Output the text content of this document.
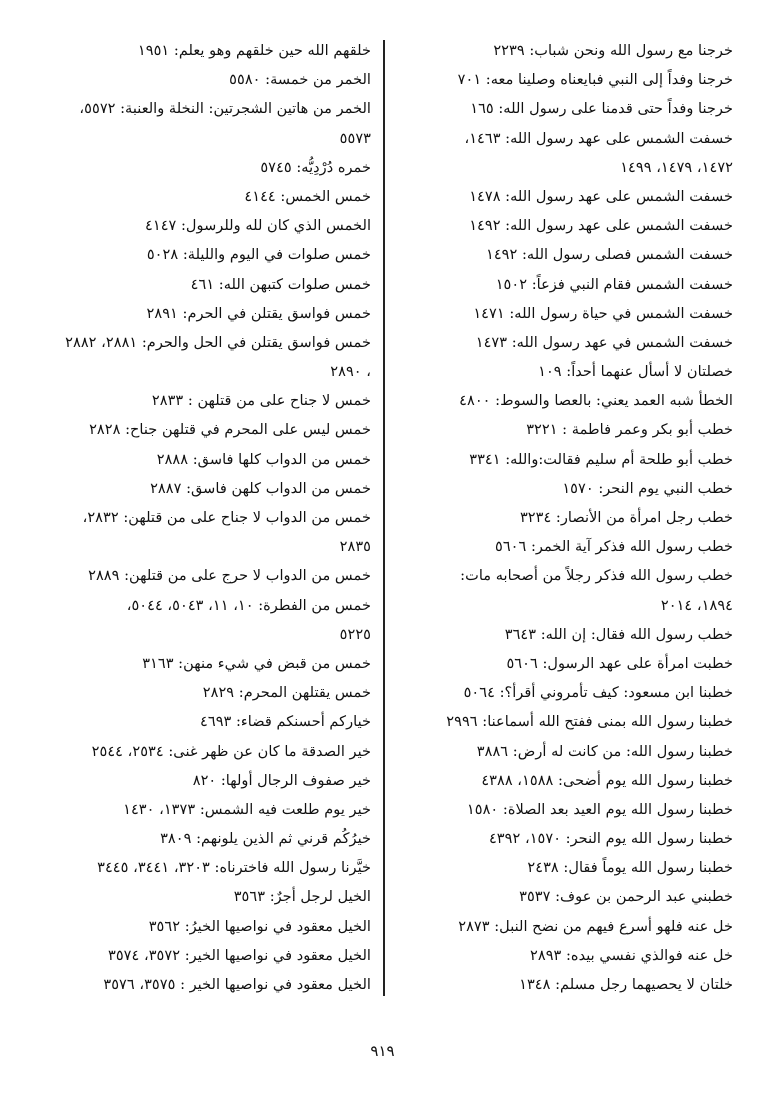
خرجنا مع رسول الله ونحن شباب: ٢٢٣٩
خرجنا وفداً إلى النبي فبايعناه وصلينا معه: ٧٠١
خرجنا وفداً حتى قدمنا على رسول الله: ١٦٥
خسفت الشمس على عهد رسول الله: ١٤٦٣،
١٤٧٢، ١٤٧٩، ١٤٩٩
خسفت الشمس على عهد رسول الله: ١٤٧٨
خسفت الشمس على عهد رسول الله: ١٤٩٢
خسفت الشمس فصلى رسول الله: ١٤٩٢
خسفت الشمس فقام النبي فزعاً: ١٥٠٢
خسفت الشمس في حياة رسول الله: ١٤٧١
خسفت الشمس في عهد رسول الله: ١٤٧٣
خصلتان لا أسأل عنهما أحداً: ١٠٩
الخطأ شبه العمد يعني: بالعصا والسوط: ٤٨٠٠
خطب أبو بكر وعمر فاطمة : ٣٢٢١
خطب أبو طلحة أم سليم فقالت:والله: ٣٣٤١
خطب النبي يوم النحر: ١٥٧٠
خطب رجل امرأة من الأنصار: ٣٢٣٤
خطب رسول الله فذكر آية الخمر: ٥٦٠٦
خطب رسول الله فذكر رجلاً من أصحابه مات:
١٨٩٤، ٢٠١٤
خطب رسول الله فقال: إن الله: ٣٦٤٣
خطبت امرأة على عهد الرسول: ٥٦٠٦
خطبنا ابن مسعود: كيف تأمروني أقرأ؟: ٥٠٦٤
خطبنا رسول الله بمنى ففتح الله أسماعنا: ٢٩٩٦
خطبنا رسول الله: من كانت له أرض: ٣٨٨٦
خطبنا رسول الله يوم أضحى: ١٥٨٨، ٤٣٨٨
خطبنا رسول الله يوم العيد بعد الصلاة: ١٥٨٠
خطبنا رسول الله يوم النحر: ١٥٧٠، ٤٣٩٢
خطبنا رسول الله يوماً فقال: ٢٤٣٨
خطبني عبد الرحمن بن عوف: ٣٥٣٧
خل عنه فلهو أسرع فيهم من نضح النبل: ٢٨٧٣
خل عنه فوالذي نفسي بيده: ٢٨٩٣
خلتان لا يحصيهما رجل مسلم: ١٣٤٨
خلقهم الله حين خلقهم وهو يعلم: ١٩٥١
الخمر من خمسة: ٥٥٨٠
الخمر من هاتين الشجرتين: النخلة والعنبة: ٥٥٧٢،
٥٥٧٣
خمره دُرْدِيُّه: ٥٧٤٥
خمس الخمس: ٤١٤٤
الخمس الذي كان لله وللرسول: ٤١٤٧
خمس صلوات في اليوم والليلة: ٥٠٢٨
خمس صلوات كتبهن الله: ٤٦١
خمس فواسق يقتلن في الحرم: ٢٨٩١
خمس فواسق يقتلن في الحل والحرم: ٢٨٨١، ٢٨٨٢
، ٢٨٩٠
خمس لا جناح على من قتلهن : ٢٨٣٣
خمس ليس على المحرم في قتلهن جناح: ٢٨٢٨
خمس من الدواب كلها فاسق: ٢٨٨٨
خمس من الدواب كلهن فاسق: ٢٨٨٧
خمس من الدواب لا جناح على من قتلهن: ٢٨٣٢،
٢٨٣٥
خمس من الدواب لا حرج على من قتلهن: ٢٨٨٩
خمس من الفطرة: ١٠، ١١، ٥٠٤٣، ٥٠٤٤،
٥٢٢٥
خمس من قبض في شيء منهن: ٣١٦٣
خمس يقتلهن المحرم: ٢٨٢٩
خياركم أحسنكم قضاء: ٤٦٩٣
خير الصدقة ما كان عن ظهر غنى: ٢٥٣٤، ٢٥٤٤
خير صفوف الرجال أولها: ٨٢٠
خير يوم طلعت فيه الشمس: ١٣٧٣، ١٤٣٠
خيرُكُم قرني ثم الذين يلونهم: ٣٨٠٩
خيَّرنا رسول الله فاخترناه: ٣٢٠٣، ٣٤٤١، ٣٤٤٥
الخيل لرجل أجرٌ: ٣٥٦٣
الخيل معقود في نواصيها الخيرُ: ٣٥٦٢
الخيل معقود في نواصيها الخير: ٣٥٧٢، ٣٥٧٤
الخيل معقود في نواصيها الخير : ٣٥٧٥، ٣٥٧٦
٩١٩
